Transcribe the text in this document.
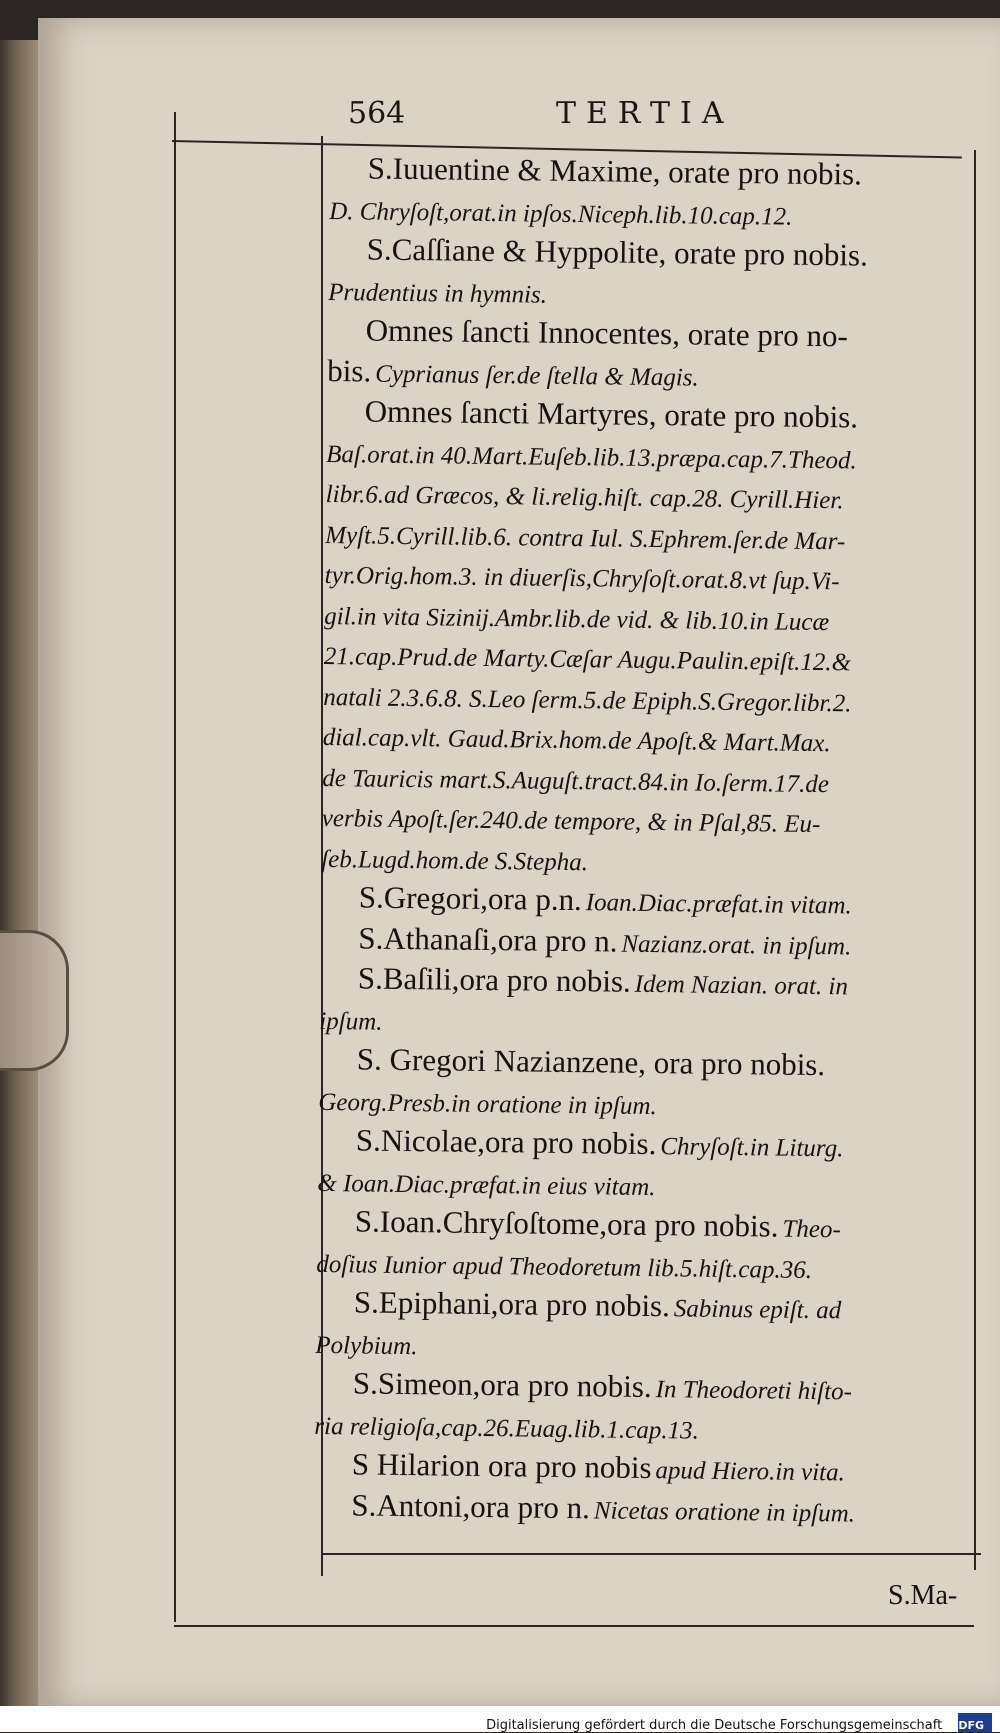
564	TERTIA
S.Iuuentine & Maxime, orate pro nobis.
D. Chryſoſt,orat.in ipſos.Niceph.lib.10.cap.12.
S.Caſſiane & Hyppolite, orate pro nobis.
Prudentius in hymnis.
Omnes ſancti Innocentes, orate pro no-
bis. Cyprianus ſer.de ſtella & Magis.
Omnes ſancti Martyres, orate pro nobis.
Baſ.orat.in 40.Mart.Euſeb.lib.13.præpa.cap.7.Theod.
libr.6.ad Græcos, & li.relig.hiſt. cap.28. Cyrill.Hier.
Myſt.5.Cyrill.lib.6. contra Iul. S.Ephrem.ſer.de Mar-
tyr.Orig.hom.3. in diuerſis,Chryſoſt.orat.8.vt ſup.Vi-
gil.in vita Sizinij.Ambr.lib.de vid. & lib.10.in Lucæ
21.cap.Prud.de Marty.Cæſar Augu.Paulin.epiſt.12.&
natali 2.3.6.8. S.Leo ſerm.5.de Epiph.S.Gregor.libr.2.
dial.cap.vlt. Gaud.Brix.hom.de Apoſt.& Mart.Max.
de Tauricis mart.S.Auguſt.tract.84.in Io.ſerm.17.de
verbis Apoſt.ſer.240.de tempore, & in Pſal,85. Eu-
ſeb.Lugd.hom.de S.Stepha.
S.Gregori,ora p.n. Ioan.Diac.præfat.in vitam.
S.Athanaſi,ora pro n. Nazianz.orat. in ipſum.
S.Baſili,ora pro nobis. Idem Nazian. orat. in
ipſum.
S. Gregori Nazianzene, ora pro nobis.
Georg.Presb.in oratione in ipſum.
S.Nicolae,ora pro nobis. Chryſoſt.in Liturg.
& Ioan.Diac.præfat.in eius vitam.
S.Ioan.Chryſoſtome,ora pro nobis. Theo-
doſius Iunior apud Theodoretum lib.5.hiſt.cap.36.
S.Epiphani,ora pro nobis. Sabinus epiſt. ad
Polybium.
S.Simeon,ora pro nobis. In Theodoreti hiſto-
ria religioſa,cap.26.Euag.lib.1.cap.13.
S Hilarion ora pro nobis apud Hiero.in vita.
S.Antoni,ora pro n. Nicetas oratione in ipſum.
S.Ma-
Digitalisierung gefördert durch die Deutsche Forschungsgemeinschaft DFG
